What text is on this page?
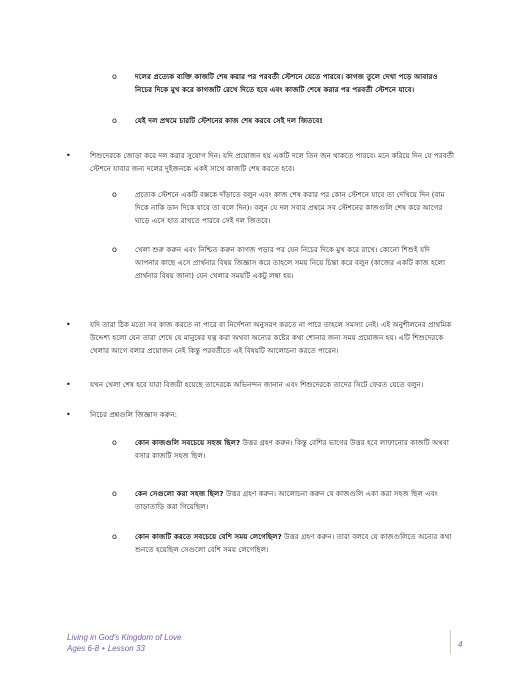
o	দলের প্রত্যেক ব্যক্তি কাজটি শেষ করার পর পরবর্তী স্টেশনে যেতে পারবে। কাগজ তুলে দেখা পড়ে আবারও নিচের দিকে মুখ করে কাগজটি রেখে দিতে হবে এবং কাজটি শেষে করার পর পরবর্তী স্টেশনে যাবে।
o	যেই দল প্রথমে চারটি স্টেশনের কাজ শেষ করবে সেই দল জিতবে!
•	শিশুদেরকে জোড়া করে দল করার সুযোগ দিন। যদি প্রয়োজন হয় একটি দলে তিন জন থাকতে পারবে। মনে করিয়ে দিন যে পরবর্তী স্টেশনে যাবার জন্য দলের দুইজনকে একই সাথে কাজটি শেষ করতে হবে।
o	প্রত্যেক স্টেশনে একটি বক্সকে দাঁড়াতে বলুন এবং কাজ শেষ করার পর কোন স্টেশনে যাবে তা দেখিয়ে দিন (বাম দিকে নাকি ডান দিকে যাবে তা বলে দিন)। বলুন যে দল সবার প্রথমে সব স্টেশনের কাজগুলি শেষ করে আগের ঘাড়ে এসে হাত রাখতে পারবে সেই দল জিতবে।
o	খেলা শুরু করুন এবং নিশ্চিত করুন কাগজ পড়ার পর যেন নিচের দিকে মুখ করে রাখে। কোনো শিশুই যদি আপনার কাছে এসে প্রার্থনার বিষয় জিজ্ঞাস করে তাহলে সময় নিয়ে চিন্তা করে বলুন (কাজের একটি কাজ হলো প্রার্থনার বিষয় জানা) যেন খেলার সময়টি একটু লম্বা হয়।
•	যদি তারা ঠিক মতো সব কাজ করতে না পারে বা নির্দেশনা অনুসরণ করতে না পারে তাহলে সমস্যা নেই। এই অনুশীলনের প্রাথমিক উদ্দেশ্য হলো যেন তারা শেষে যে মানুষের যত্ন করা অথবা অন্যের কষ্টের কথা শোনার জন্য সময় প্রয়োজন হয়। এটি শিশুদেরকে খেলার আগে বলার প্রয়োজন নেই কিন্তু পরবর্তীতে এই বিষয়টি আলোচনা করতে পারেন।
•	যখন খেলা শেষ হবে যারা বিজয়ী হয়েছে তাদেরকে অভিনন্দন জানান এবং শিশুদেরকে তাদের সিটে ফেরত যেতে বলুন।
•	নিচের প্রশ্নগুলি জিজ্ঞাস করুন:
o	কোন কাজগুলি সবচেয়ে সহজ ছিল? উত্তর গ্রহণ করুন। কিন্তু বেশির ভাগের উত্তর হবে লাফানোর কাজটি অথবা বসার কাজটি সহজ ছিল।
o	কেন সেগুলো করা সহজ ছিল? উত্তর গ্রহণ করুন। আলোচনা করুন যে কাজগুলি একা করা সহজ ছিল এবং তাড়াতাড়ি করা গিয়েছিল।
o	কোন কাজটি করতে সবচেয়ে বেশি সময় লেগেছিল? উত্তর গ্রহণ করুন। তারা বলবে যে কাজগুলিতে অন্যের কথা শুনতে হয়েছিল সেগুলো বেশি সময় লেগেছিল।
Living in God's Kingdom of Love
Ages 6-8 • Lesson 33	4
